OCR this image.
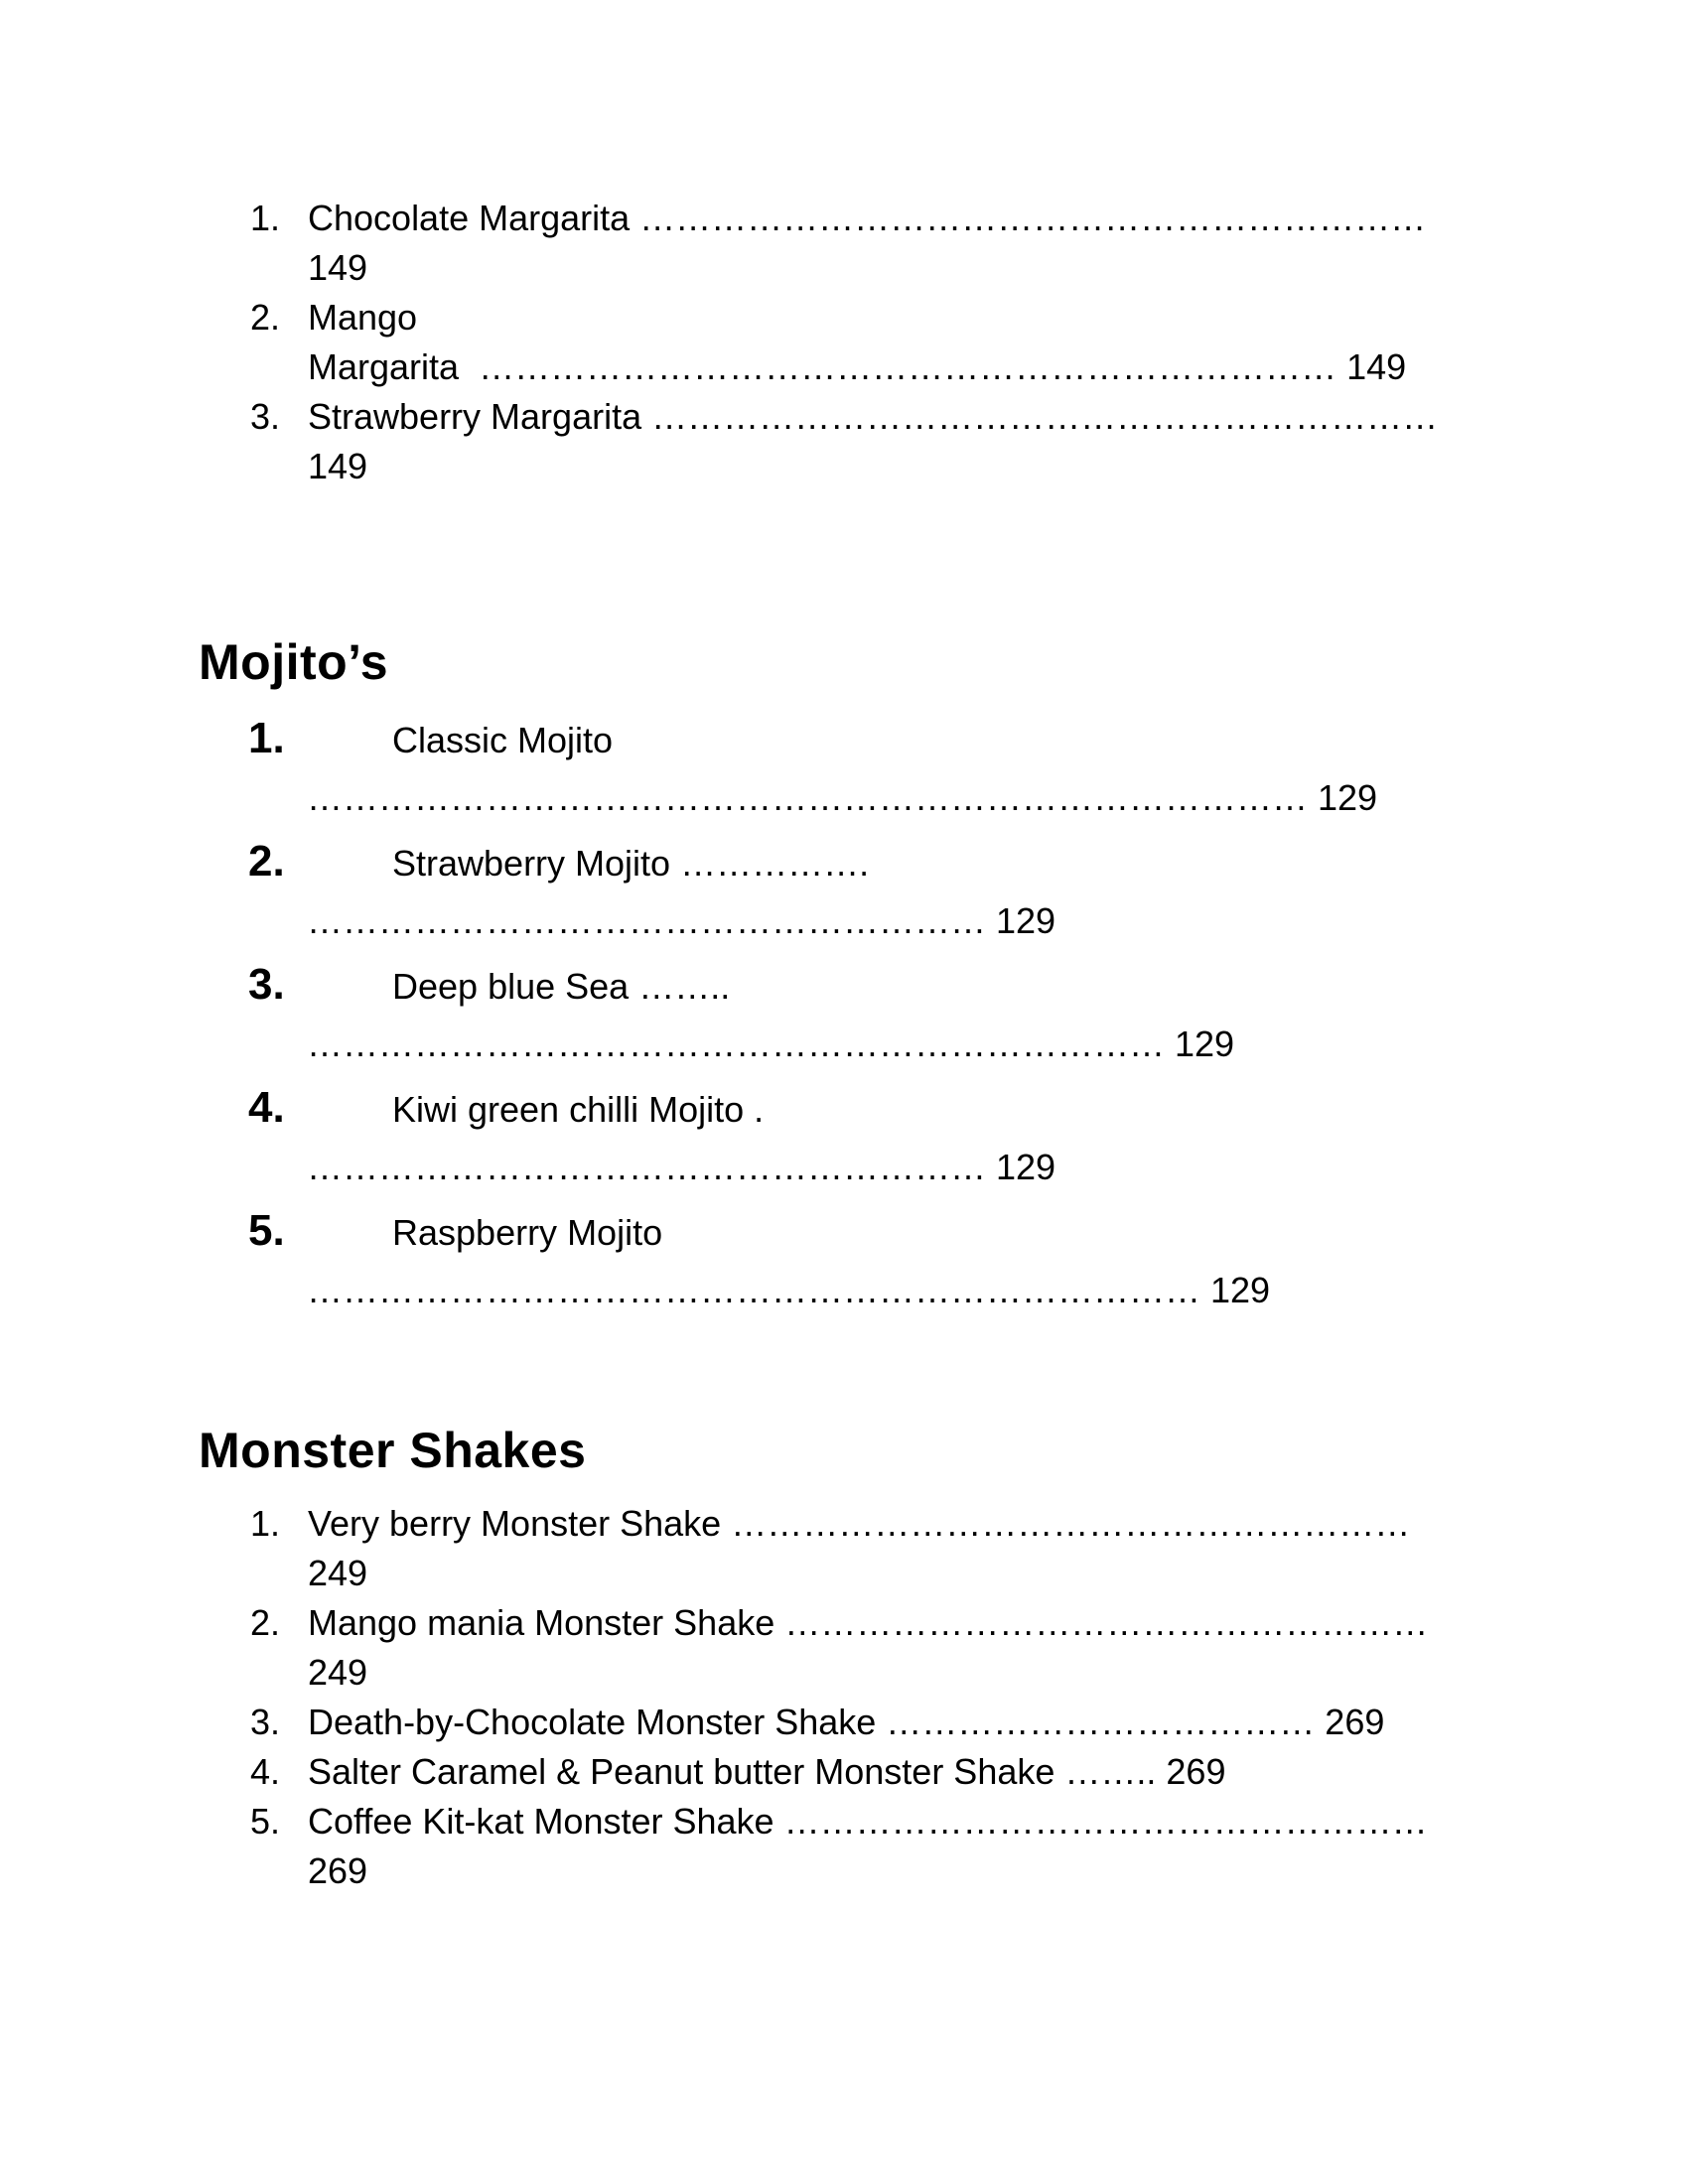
1. Chocolate Margarita …………………………………………………………
149
2. Mango
Margarita  ……………………………………………………………… 149
3. Strawberry Margarita …………………………………………………………
149
Mojito’s
1.	Classic Mojito
………………………………………………………………………… 129
2.	Strawberry Mojito …………….
………………………………………………… 129
3.	Deep blue Sea ……..
……………………………………………………………… 129
4.	Kiwi green chilli Mojito .
………………………………………………… 129
5.	Raspberry Mojito
………………………………………………………………… 129
Monster Shakes
1. Very berry Monster Shake …………………………………………………
249
2. Mango mania Monster Shake ………………………………………………
249
3. Death-by-Chocolate Monster Shake ……………………………… 269
4. Salter Caramel & Peanut butter Monster Shake …….. 269
5. Coffee Kit-kat Monster Shake ………………………………………………
269
